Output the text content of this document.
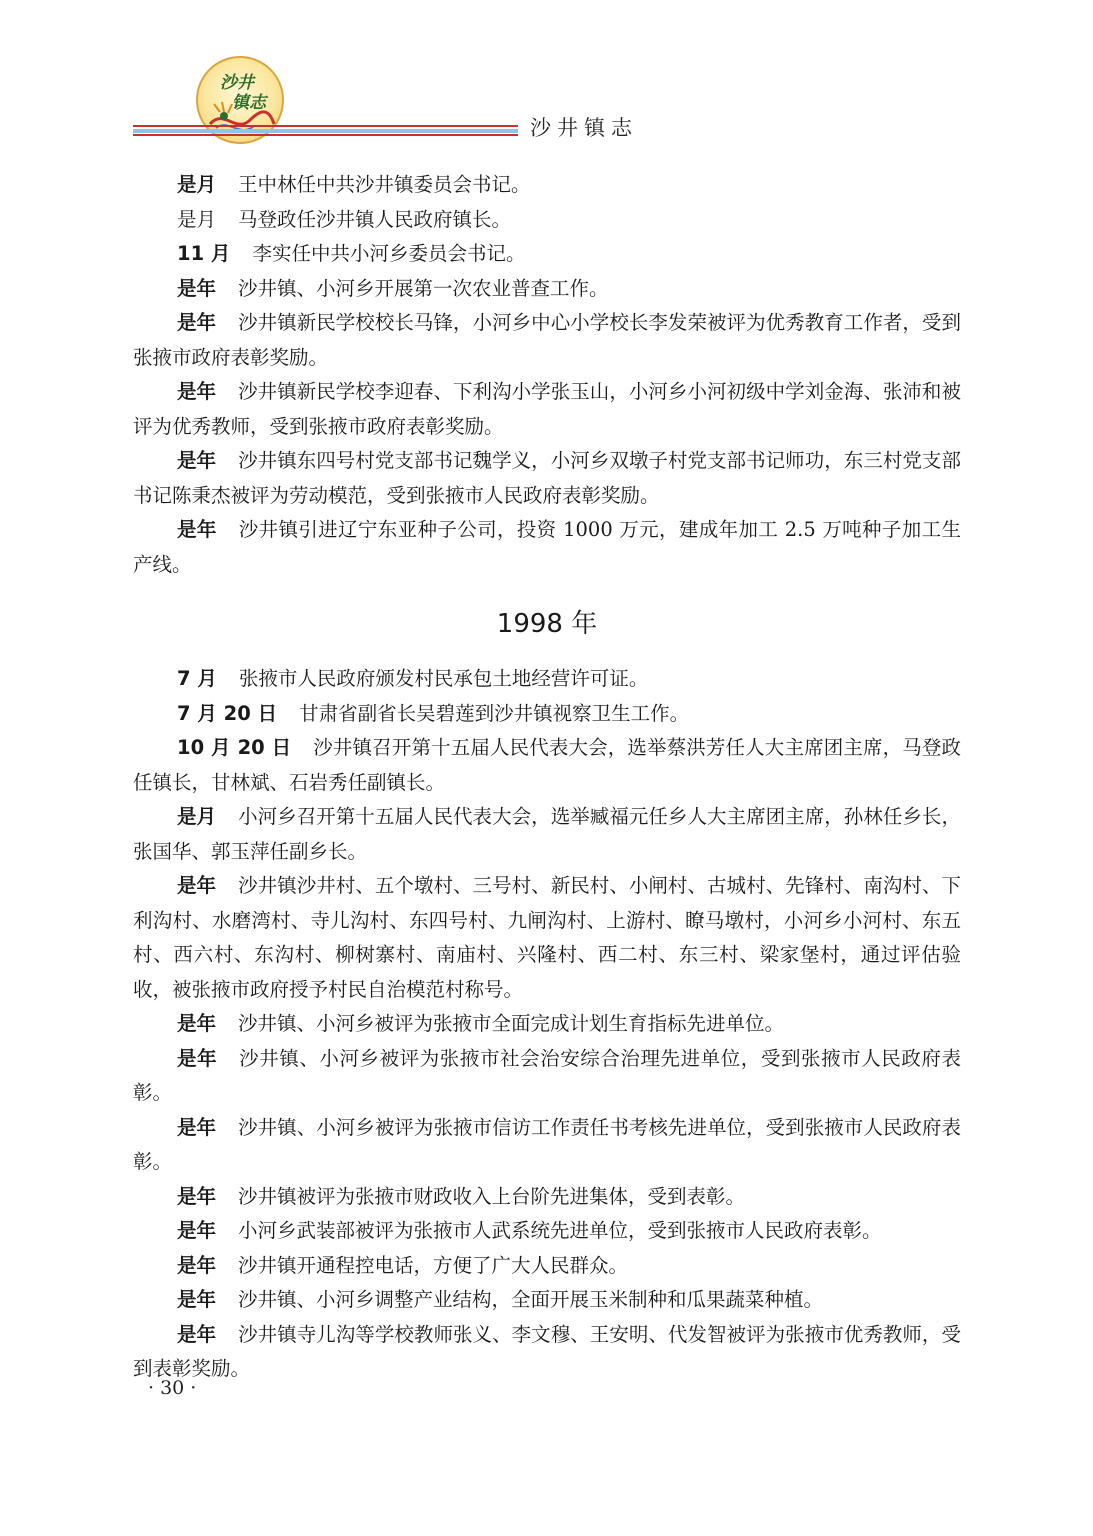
沙井
镇志
沙井镇志

是月 王中林任中共沙井镇委员会书记。

是月 马登政任沙井镇人民政府镇长。

11 月 李实任中共小河乡委员会书记。

是年 沙井镇、小河乡开展第一次农业普查工作。

是年 沙井镇新民学校校长马锋，小河乡中心小学校长李发荣被评为优秀教育工作者，受到张掖市政府表彰奖励。

是年 沙井镇新民学校李迎春、下利沟小学张玉山，小河乡小河初级中学刘金海、张沛和被评为优秀教师，受到张掖市政府表彰奖励。

是年 沙井镇东四号村党支部书记魏学义，小河乡双墩子村党支部书记师功，东三村党支部书记陈秉杰被评为劳动模范，受到张掖市人民政府表彰奖励。

是年 沙井镇引进辽宁东亚种子公司，投资 1000 万元，建成年加工 2.5 万吨种子加工生产线。

1998 年

7 月 张掖市人民政府颁发村民承包土地经营许可证。

7 月 20 日 甘肃省副省长吴碧莲到沙井镇视察卫生工作。

10 月 20 日 沙井镇召开第十五届人民代表大会，选举蔡洪芳任人大主席团主席，马登政任镇长，甘林斌、石岩秀任副镇长。

是月 小河乡召开第十五届人民代表大会，选举臧福元任乡人大主席团主席，孙林任乡长，张国华、郭玉萍任副乡长。

是年 沙井镇沙井村、五个墩村、三号村、新民村、小闸村、古城村、先锋村、南沟村、下利沟村、水磨湾村、寺儿沟村、东四号村、九闸沟村、上游村、瞭马墩村，小河乡小河村、东五村、西六村、东沟村、柳树寨村、南庙村、兴隆村、西二村、东三村、梁家堡村，通过评估验收，被张掖市政府授予村民自治模范村称号。

是年 沙井镇、小河乡被评为张掖市全面完成计划生育指标先进单位。

是年 沙井镇、小河乡被评为张掖市社会治安综合治理先进单位，受到张掖市人民政府表彰。

是年 沙井镇、小河乡被评为张掖市信访工作责任书考核先进单位，受到张掖市人民政府表彰。

是年 沙井镇被评为张掖市财政收入上台阶先进集体，受到表彰。

是年 小河乡武装部被评为张掖市人武系统先进单位，受到张掖市人民政府表彰。

是年 沙井镇开通程控电话，方便了广大人民群众。

是年 沙井镇、小河乡调整产业结构，全面开展玉米制种和瓜果蔬菜种植。

是年 沙井镇寺儿沟等学校教师张义、李文穆、王安明、代发智被评为张掖市优秀教师，受到表彰奖励。

· 30 ·
